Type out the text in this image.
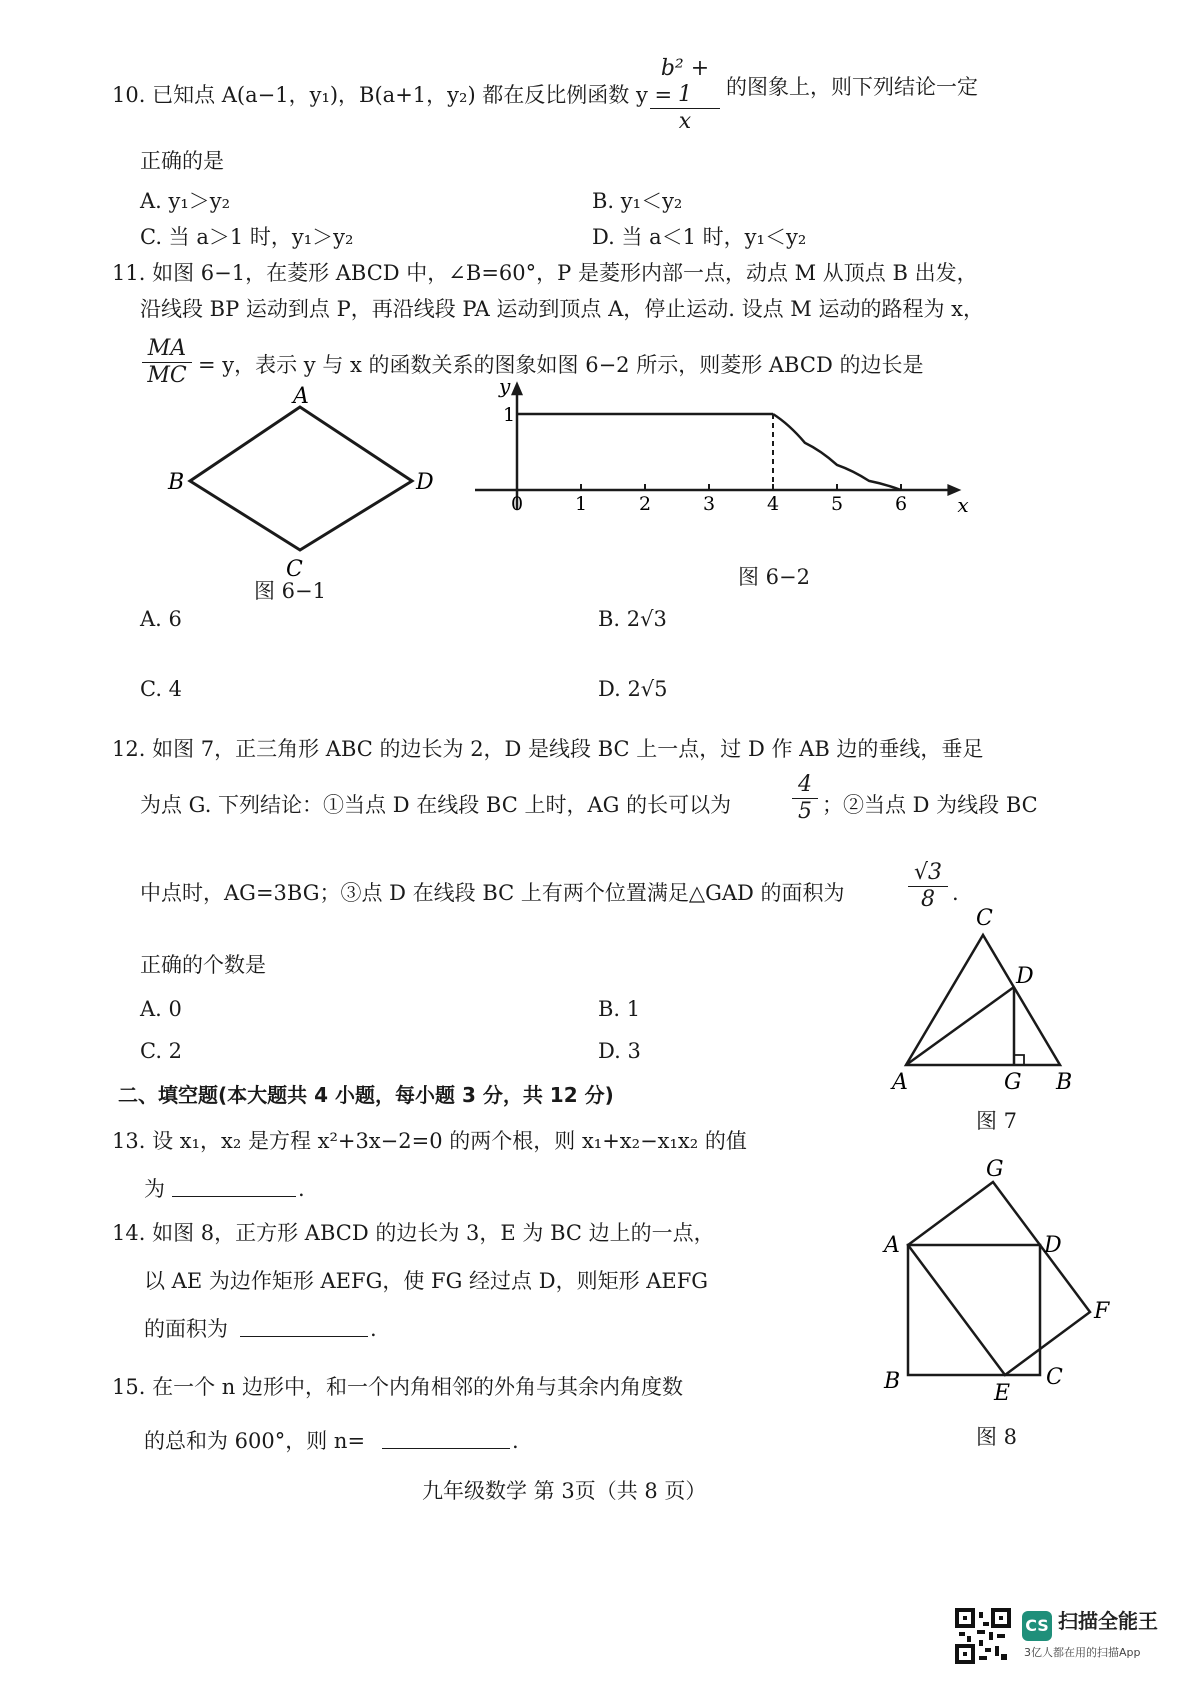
10. 已知点 A(a−1，y₁)，B(a+1，y₂) 都在反比例函数 y =
$\frac{\text{b² + 1}}{x}$ 的图象上，则下列结论一定
正确的是
A. y₁＞y₂	B. y₁＜y₂
C. 当 a＞1 时，y₁＞y₂	D. 当 a＜1 时，y₁＜y₂
11. 如图 6−1，在菱形 ABCD 中，∠B=60°，P 是菱形内部一点，动点 M 从顶点 B 出发，
沿线段 BP 运动到点 P，再沿线段 PA 运动到顶点 A，停止运动. 设点 M 运动的路程为 x，
$\frac{MA}{MC} = y$，表示 y 与 x 的函数关系的图象如图 6−2 所示，则菱形 ABCD 的边长是
A
B
C
D
图 6−1
x
y
0	1	2	3	4	5	6
1
图 6−2
A. 6	B. 2√3
C. 4	D. 2√5
12. 如图 7，正三角形 ABC 的边长为 2，D 是线段 BC 上一点，过 D 作 AB 边的垂线，垂足
为点 G. 下列结论：①当点 D 在线段 BC 上时，AG 的长可以为	$\frac{4}{5}$ ；②当点 D 为线段 BC
中点时，AG=3BG；③点 D 在线段 BC 上有两个位置满足△GAD 的面积为	$\frac{√3}{8}$ .
正确的个数是
A. 0	B. 1
C. 2	D. 3
A	B
C
D
G
图 7
二、填空题(本大题共 4 小题，每小题 3 分，共 12 分)
13. 设 x₁，x₂ 是方程 x²+3x−2=0 的两个根，则 x₁+x₂−x₁x₂ 的值
为	.
14. 如图 8，正方形 ABCD 的边长为 3，E 为 BC 边上的一点，
以 AE 为边作矩形 AEFG，使 FG 经过点 D，则矩形 AEFG
的面积为	.
A
B	C
D
E
F
G
图 8
15. 在一个 n 边形中，和一个内角相邻的外角与其余内角度数
的总和为 600°，则 n=	.
九年级数学 第 3页（共 8 页）
CS 扫描全能王
3亿人都在用的扫描App
